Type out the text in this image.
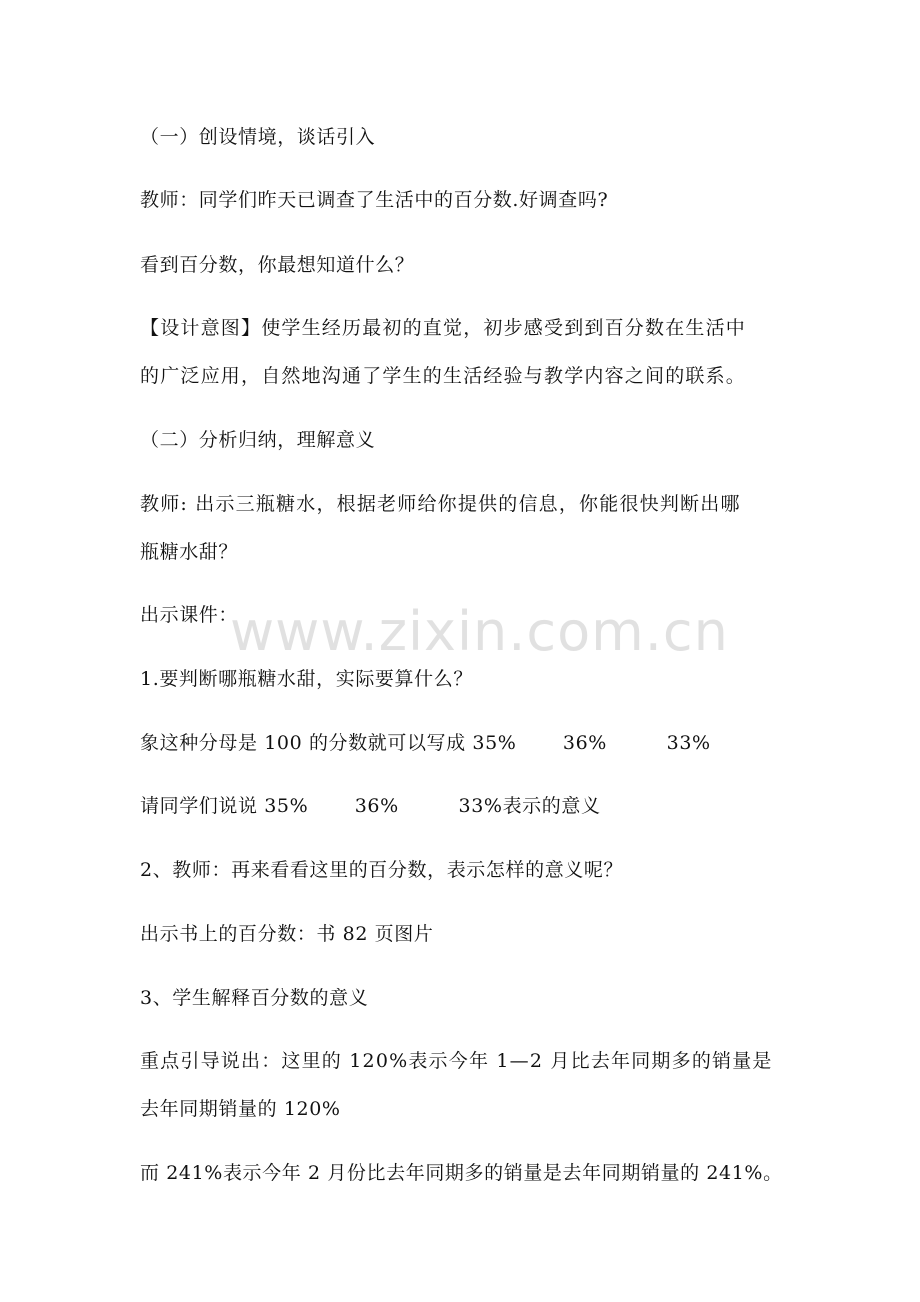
（一）创设情境，谈话引入
教师：同学们昨天已调查了生活中的百分数.好调查吗?
看到百分数，你最想知道什么？
【设计意图】使学生经历最初的直觉，初步感受到到百分数在生活中
的广泛应用，自然地沟通了学生的生活经验与教学内容之间的联系。
（二）分析归纳，理解意义
教师: 出示三瓶糖水，根据老师给你提供的信息，你能很快判断出哪
瓶糖水甜？
出示课件：
1.要判断哪瓶糖水甜，实际要算什么？
象这种分母是 100 的分数就可以写成 35%       36%         33%
请同学们说说 35%       36%         33%表示的意义
2、教师：再来看看这里的百分数，表示怎样的意义呢？
出示书上的百分数：书 82 页图片
3、学生解释百分数的意义
重点引导说出：这里的 120%表示今年 1—2 月比去年同期多的销量是
去年同期销量的 120%
而 241%表示今年 2 月份比去年同期多的销量是去年同期销量的 241%。
www.zixin.com.cn
